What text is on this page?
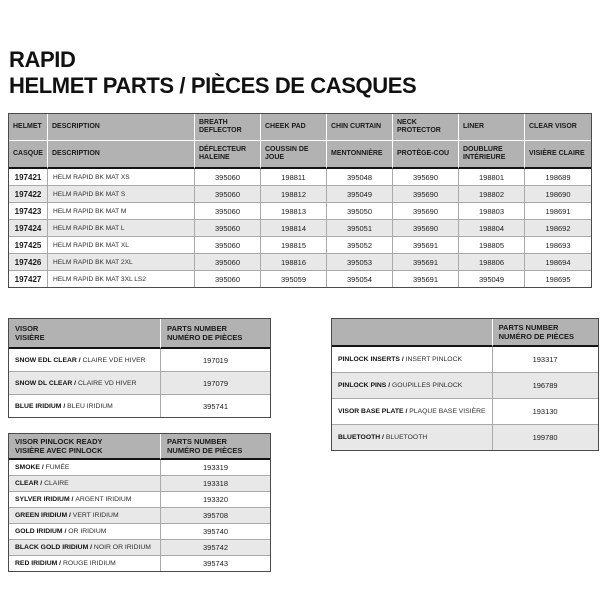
RAPID
HELMET PARTS / PIÈCES DE CASQUES
HELMET	DESCRIPTION	BREATH DEFLECTOR	CHEEK PAD	CHIN CURTAIN	NECK PROTECTOR	LINER	CLEAR VISOR
CASQUE	DESCRIPTION	DÉFLECTEUR HALEINE	COUSSIN DE JOUE	MENTONNIÈRE	PROTÈGE-COU	DOUBLURE INTÉRIEURE	VISIÈRE CLAIRE
197421	HELM RAPID BK MAT XS	395060	198811	395048	395690	198801	198689
197422	HELM RAPID BK MAT S	395060	198812	395049	395690	198802	198690
197423	HELM RAPID BK MAT M	395060	198813	395050	395690	198803	198691
197424	HELM RAPID BK MAT L	395060	198814	395051	395690	198804	198692
197425	HELM RAPID BK MAT XL	395060	198815	395052	395691	198805	198693
197426	HELM RAPID BK MAT 2XL	395060	198816	395053	395691	198806	198694
197427	HELM RAPID BK MAT 3XL LS2	395060	395059	395054	395691	395049	198695
VISOR
VISIÈRE	PARTS NUMBER
NUMÉRO DE PIÈCES

SNOW EDL CLEAR / CLAIRE VDE HIVER	197019
SNOW DL CLEAR / CLAIRE VD HIVER	197079
BLUE IRIDIUM / BLEU IRIDIUM	395741

	PARTS NUMBER
NUMÉRO DE PIÈCES

PINLOCK INSERTS / INSERT PINLOCK	193317
PINLOCK PINS / GOUPILLES PINLOCK	196789
VISOR BASE PLATE / PLAQUE BASE VISIÈRE	193130
BLUETOOTH / BLUETOOTH	199780
VISOR PINLOCK READY
VISIÈRE AVEC PINLOCK	PARTS NUMBER
NUMÉRO DE PIÈCES

SMOKE / FUMÉE	193319
CLEAR / CLAIRE	193318
SYLVER IRIDIUM / ARGENT IRIDIUM	193320
GREEN IRIDIUM / VERT IRIDIUM	395708
GOLD IRIDIUM / OR IRIDIUM	395740
BLACK GOLD IRIDIUM / NOIR OR IRIDIUM	395742
RED IRIDIUM / ROUGE IRIDIUM	395743
